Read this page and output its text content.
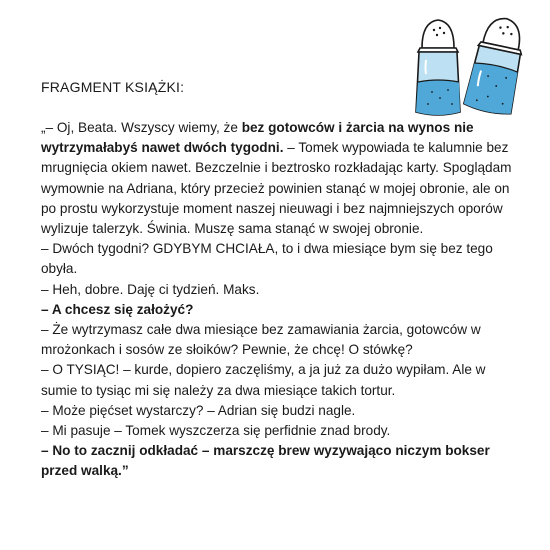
FRAGMENT KSIĄŻKI:

„– Oj, Beata. Wszyscy wiemy, że bez gotowców i żarcia na wynos nie wytrzymałabyś nawet dwóch tygodni. – Tomek wypowiada te kalumnie bez mrugnięcia okiem nawet. Bezczelnie i beztrosko rozkładając karty. Spoglądam wymownie na Adriana, który przecież powinien stanąć w mojej obronie, ale on po prostu wykorzystuje moment naszej nieuwagi i bez najmniejszych oporów wylizuje talerzyk. Świnia. Muszę sama stanąć w swojej obronie.

– Dwóch tygodni? GDYBYM CHCIAŁA, to i dwa miesiące bym się bez tego obyła.

– Heh, dobre. Daję ci tydzień. Maks.

– A chcesz się założyć?

– Że wytrzymasz całe dwa miesiące bez zamawiania żarcia, gotowców w mrożonkach i sosów ze słoików? Pewnie, że chcę! O stówkę?

– O TYSIĄC! – kurde, dopiero zaczęliśmy, a ja już za dużo wypiłam. Ale w sumie to tysiąc mi się należy za dwa miesiące takich tortur.

– Może pięćset wystarczy? – Adrian się budzi nagle.

– Mi pasuje – Tomek wyszczerza się perfidnie znad brody.

– No to zacznij odkładać – marszczę brew wyzywająco niczym bokser przed walką.”
